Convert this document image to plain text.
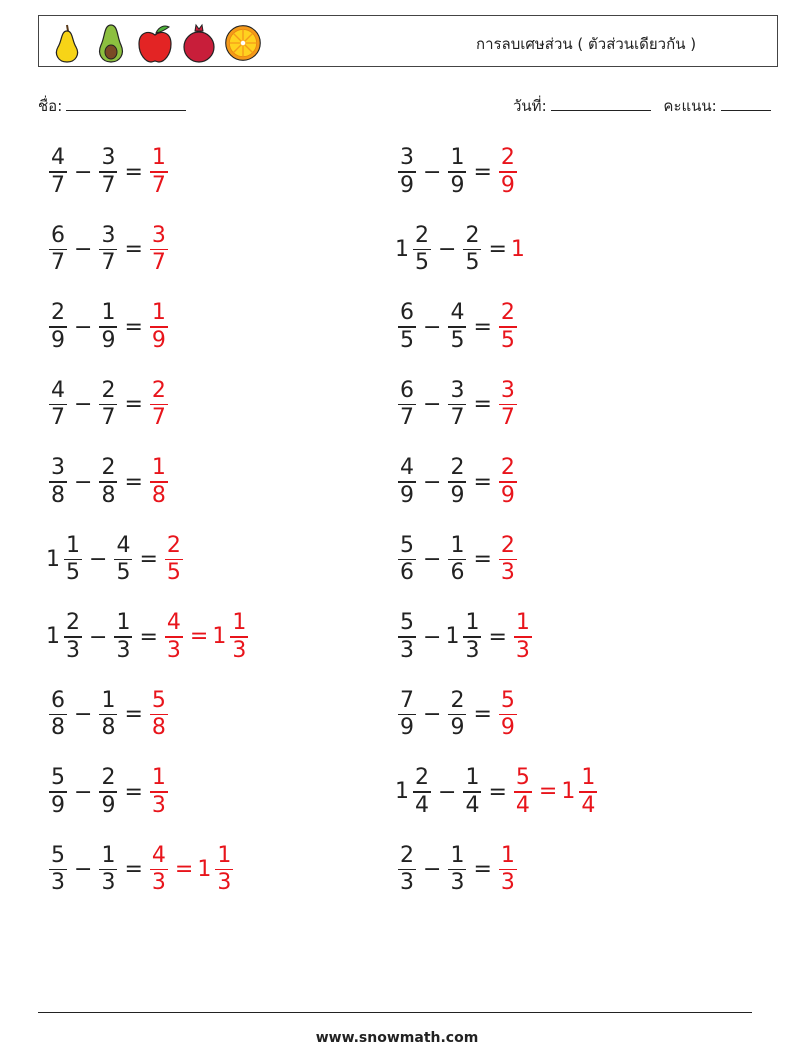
การลบเศษส่วน ( ตัวส่วนเดียวกัน )
ชื่อ:	วันที่:	คะแนน:
$\frac{4}{7} - \frac{3}{7} = \frac{1}{7}$	$\frac{3}{9} - \frac{1}{9} = \frac{2}{9}$
$\frac{6}{7} - \frac{3}{7} = \frac{3}{7}$	$1 \frac{2}{5} - \frac{2}{5} = 1$
$\frac{2}{9} - \frac{1}{9} = \frac{1}{9}$	$\frac{6}{5} - \frac{4}{5} = \frac{2}{5}$
$\frac{4}{7} - \frac{2}{7} = \frac{2}{7}$	$\frac{6}{7} - \frac{3}{7} = \frac{3}{7}$
$\frac{3}{8} - \frac{2}{8} = \frac{1}{8}$	$\frac{4}{9} - \frac{2}{9} = \frac{2}{9}$
$1 \frac{1}{5} - \frac{4}{5} = \frac{2}{5}$	$\frac{5}{6} - \frac{1}{6} = \frac{2}{3}$
$1 \frac{2}{3} - \frac{1}{3} = \frac{4}{3} = 1 \frac{1}{3}$	$\frac{5}{3} - 1 \frac{1}{3} = \frac{1}{3}$
$\frac{6}{8} - \frac{1}{8} = \frac{5}{8}$	$\frac{7}{9} - \frac{2}{9} = \frac{5}{9}$
$\frac{5}{9} - \frac{2}{9} = \frac{1}{3}$	$1 \frac{2}{4} - \frac{1}{4} = \frac{5}{4} = 1 \frac{1}{4}$
$\frac{5}{3} - \frac{1}{3} = \frac{4}{3} = 1 \frac{1}{3}$	$\frac{2}{3} - \frac{1}{3} = \frac{1}{3}$
www.snowmath.com
